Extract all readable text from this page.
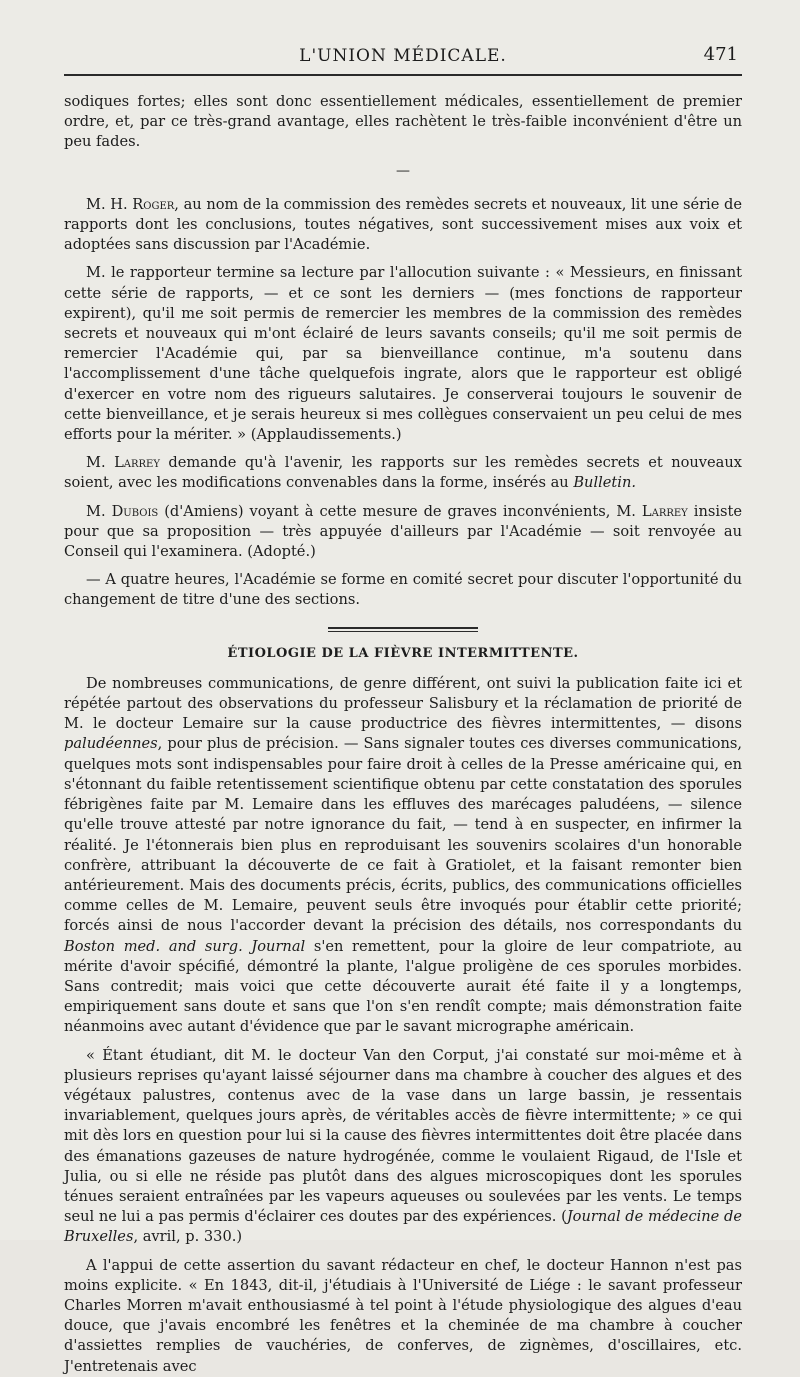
L'UNION MÉDICALE.	471

sodiques fortes; elles sont donc essentiellement médicales, essentiellement de premier ordre, et, par ce très-grand avantage, elles rachètent le très-faible inconvénient d'être un peu fades.

—

M. H. Roger, au nom de la commission des remèdes secrets et nouveaux, lit une série de rapports dont les conclusions, toutes négatives, sont successivement mises aux voix et adoptées sans discussion par l'Académie.

M. le rapporteur termine sa lecture par l'allocution suivante : « Messieurs, en finissant cette série de rapports, — et ce sont les derniers — (mes fonctions de rapporteur expirent), qu'il me soit permis de remercier les membres de la commission des remèdes secrets et nouveaux qui m'ont éclairé de leurs savants conseils; qu'il me soit permis de remercier l'Académie qui, par sa bienveillance continue, m'a soutenu dans l'accomplissement d'une tâche quelquefois ingrate, alors que le rapporteur est obligé d'exercer en votre nom des rigueurs salutaires. Je conserverai toujours le souvenir de cette bienveillance, et je serais heureux si mes collègues conservaient un peu celui de mes efforts pour la mériter. » (Applaudissements.)

M. Larrey demande qu'à l'avenir, les rapports sur les remèdes secrets et nouveaux soient, avec les modifications convenables dans la forme, insérés au Bulletin.

M. Dubois (d'Amiens) voyant à cette mesure de graves inconvénients, M. Larrey insiste pour que sa proposition — très appuyée d'ailleurs par l'Académie — soit renvoyée au Conseil qui l'examinera. (Adopté.)

— A quatre heures, l'Académie se forme en comité secret pour discuter l'opportunité du changement de titre d'une des sections.

ÉTIOLOGIE DE LA FIÈVRE INTERMITTENTE.

De nombreuses communications, de genre différent, ont suivi la publication faite ici et répétée partout des observations du professeur Salisbury et la réclamation de priorité de M. le docteur Lemaire sur la cause productrice des fièvres intermittentes, — disons paludéennes, pour plus de précision. — Sans signaler toutes ces diverses communications, quelques mots sont indispensables pour faire droit à celles de la Presse américaine qui, en s'étonnant du faible retentissement scientifique obtenu par cette constatation des sporules fébrigènes faite par M. Lemaire dans les effluves des marécages paludéens, — silence qu'elle trouve attesté par notre ignorance du fait, — tend à en suspecter, en infirmer la réalité. Je l'étonnerais bien plus en reproduisant les souvenirs scolaires d'un honorable confrère, attribuant la découverte de ce fait à Gratiolet, et la faisant remonter bien antérieurement. Mais des documents précis, écrits, publics, des communications officielles comme celles de M. Lemaire, peuvent seuls être invoqués pour établir cette priorité; forcés ainsi de nous l'accorder devant la précision des détails, nos correspondants du Boston med. and surg. Journal s'en remettent, pour la gloire de leur compatriote, au mérite d'avoir spécifié, démontré la plante, l'algue proligène de ces sporules morbides. Sans contredit; mais voici que cette découverte aurait été faite il y a longtemps, empiriquement sans doute et sans que l'on s'en rendît compte; mais démonstration faite néanmoins avec autant d'évidence que par le savant micrographe américain.

« Étant étudiant, dit M. le docteur Van den Corput, j'ai constaté sur moi-même et à plusieurs reprises qu'ayant laissé séjourner dans ma chambre à coucher des algues et des végétaux palustres, contenus avec de la vase dans un large bassin, je ressentais invariablement, quelques jours après, de véritables accès de fièvre intermittente; » ce qui mit dès lors en question pour lui si la cause des fièvres intermittentes doit être placée dans des émanations gazeuses de nature hydrogénée, comme le voulaient Rigaud, de l'Isle et Julia, ou si elle ne réside pas plutôt dans des algues microscopiques dont les sporules ténues seraient entraînées par les vapeurs aqueuses ou soulevées par les vents. Le temps seul ne lui a pas permis d'éclairer ces doutes par des expériences. (Journal de médecine de Bruxelles, avril, p. 330.)

A l'appui de cette assertion du savant rédacteur en chef, le docteur Hannon n'est pas moins explicite. « En 1843, dit-il, j'étudiais à l'Université de Liége : le savant professeur Charles Morren m'avait enthousiasmé à tel point à l'étude physiologique des algues d'eau douce, que j'avais encombré les fenêtres et la cheminée de ma chambre à coucher d'assiettes remplies de vauchéries, de conferves, de zignèmes, d'oscillaires, etc. J'entretenais avec
